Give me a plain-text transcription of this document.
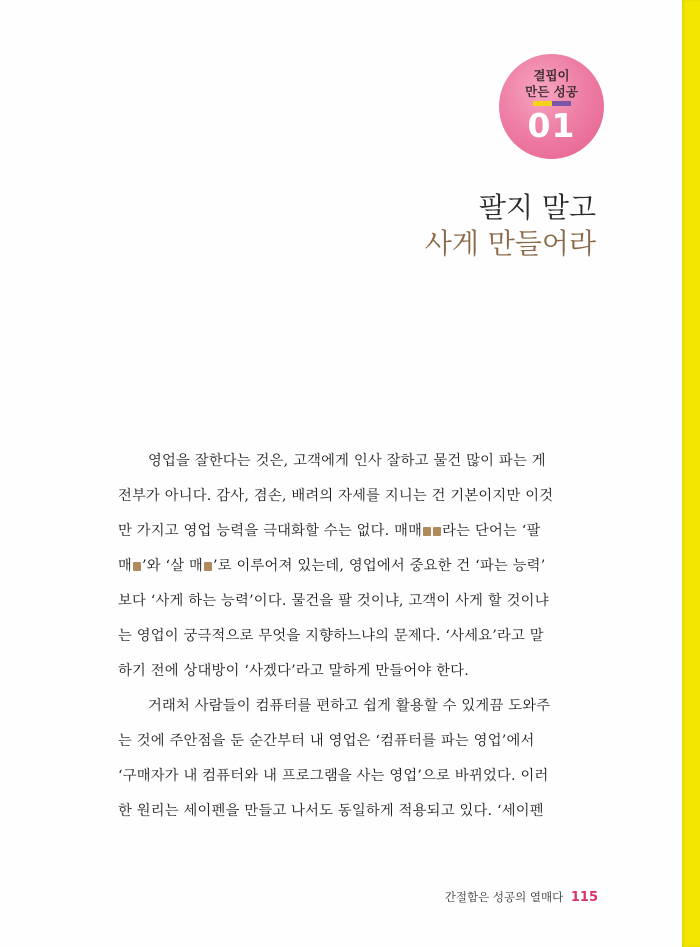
결핍이
만든 성공
01
팔지 말고
사게 만들어라
영업을 잘한다는 것은, 고객에게 인사 잘하고 물건 많이 파는 게
전부가 아니다. 감사, 겸손, 배려의 자세를 지니는 건 기본이지만 이것
만 가지고 영업 능력을 극대화할 수는 없다. 매매 라는 단어는 ‘팔
매 ’와 ‘살 매 ’로 이루어져 있는데, 영업에서 중요한 건 ‘파는 능력’
보다 ‘사게 하는 능력’이다. 물건을 팔 것이냐, 고객이 사게 할 것이냐
는 영업이 궁극적으로 무엇을 지향하느냐의 문제다. ‘사세요’라고 말
하기 전에 상대방이 ‘사겠다’라고 말하게 만들어야 한다.
거래처 사람들이 컴퓨터를 편하고 쉽게 활용할 수 있게끔 도와주
는 것에 주안점을 둔 순간부터 내 영업은 ‘컴퓨터를 파는 영업’에서
‘구매자가 내 컴퓨터와 내 프로그램을 사는 영업’으로 바뀌었다. 이러
한 원리는 세이펜을 만들고 나서도 동일하게 적용되고 있다. ‘세이펜
간절함은 성공의 열매다 115
